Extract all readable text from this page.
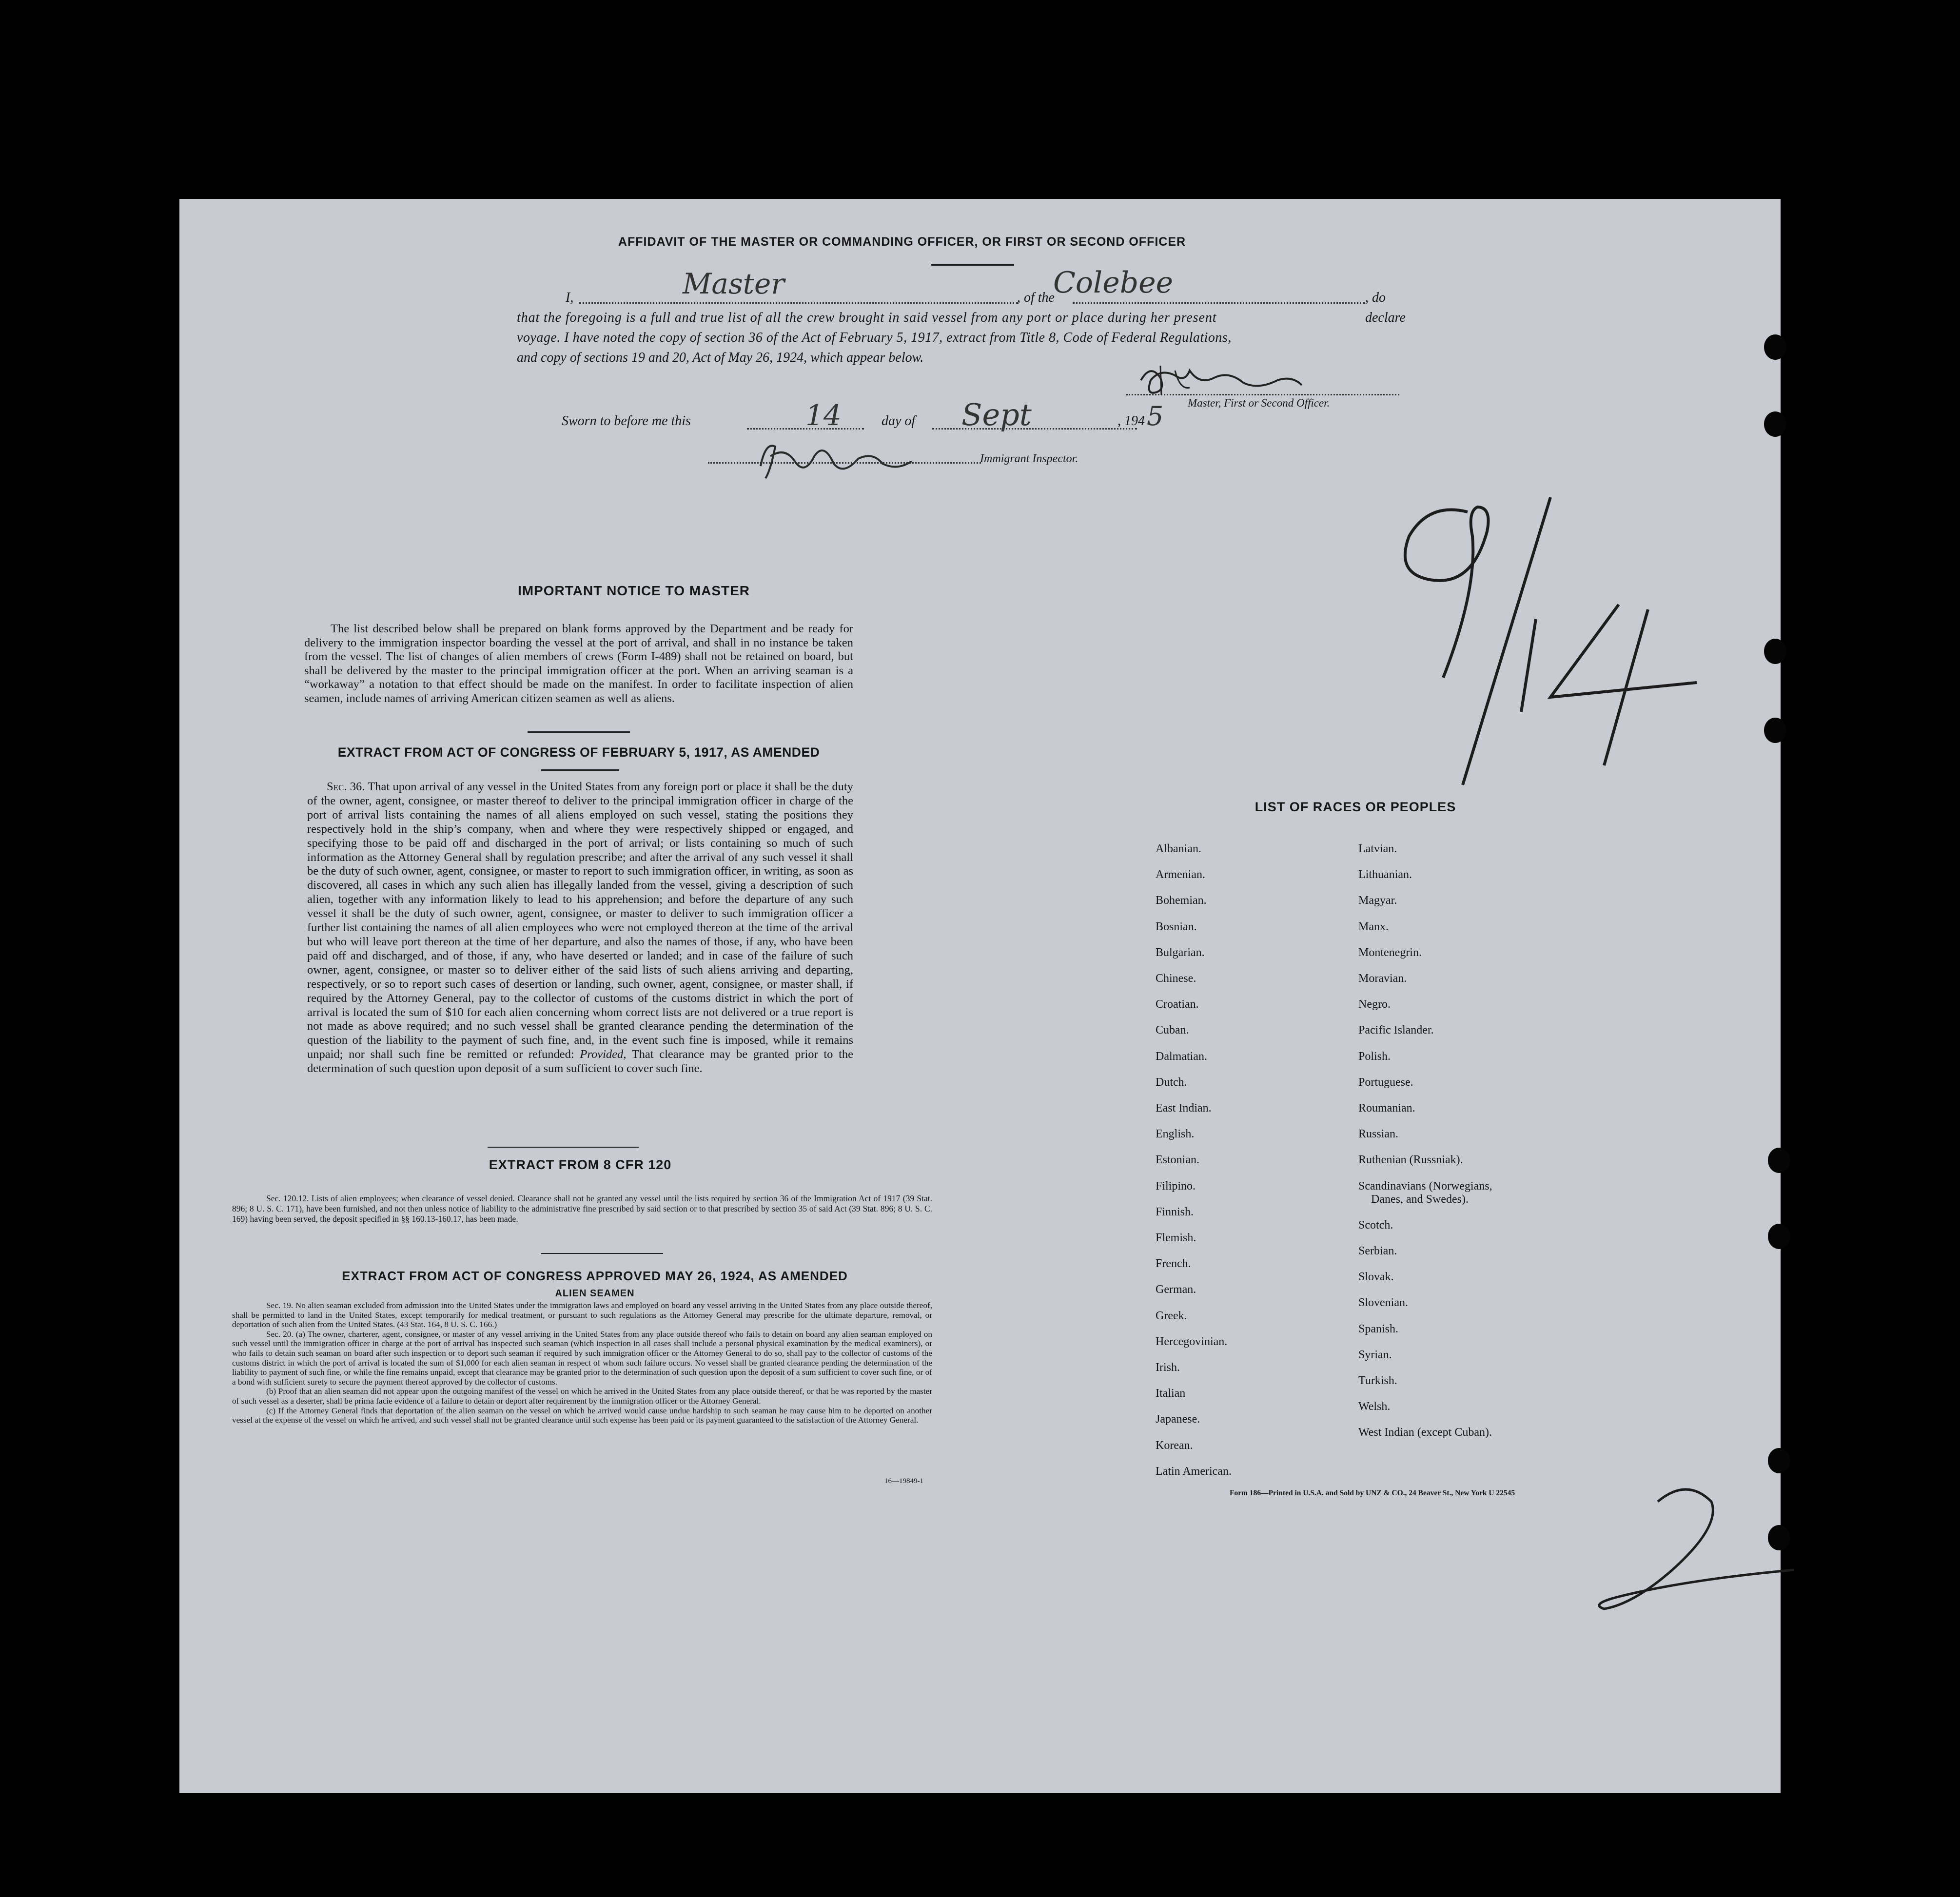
AFFIDAVIT OF THE MASTER OR COMMANDING OFFICER, OR FIRST OR SECOND OFFICER
I,	Master	, of the
Colebee	, do declare
that the foregoing is a full and true list of all the crew brought in said vessel from any port or place during her present
voyage. I have noted the copy of section 36 of the Act of February 5, 1917, extract from Title 8, Code of Federal Regulations,
and copy of sections 19 and 20, Act of May 26, 1924, which appear below.
Master, First or Second Officer.
Sworn to before me this	14	day of Sept	, 194 5
Immigrant Inspector.
IMPORTANT NOTICE TO MASTER
The list described below shall be prepared on blank forms approved by the Department and be ready for delivery to the immigration inspector boarding the vessel at the port of arrival, and shall in no instance be taken from the vessel. The list of changes of alien members of crews (Form I-489) shall not be retained on board, but shall be delivered by the master to the principal immigration officer at the port. When an arriving seaman is a “workaway” a notation to that effect should be made on the manifest. In order to facilitate inspection of alien seamen, include names of arriving American citizen seamen as well as aliens.
EXTRACT FROM ACT OF CONGRESS OF FEBRUARY 5, 1917, AS AMENDED
Sec. 36. That upon arrival of any vessel in the United States from any foreign port or place it shall be the duty of the owner, agent, consignee, or master thereof to deliver to the principal immigration officer in charge of the port of arrival lists containing the names of all aliens employed on such vessel, stating the positions they respectively hold in the ship’s company, when and where they were respectively shipped or engaged, and specifying those to be paid off and discharged in the port of arrival; or lists containing so much of such information as the Attorney General shall by regulation prescribe; and after the arrival of any such vessel it shall be the duty of such owner, agent, consignee, or master to report to such immigration officer, in writing, as soon as discovered, all cases in which any such alien has illegally landed from the vessel, giving a description of such alien, together with any information likely to lead to his apprehension; and before the departure of any such vessel it shall be the duty of such owner, agent, consignee, or master to deliver to such immigration officer a further list containing the names of all alien employees who were not employed thereon at the time of the arrival but who will leave port thereon at the time of her departure, and also the names of those, if any, who have been paid off and discharged, and of those, if any, who have deserted or landed; and in case of the failure of such owner, agent, consignee, or master so to deliver either of the said lists of such aliens arriving and departing, respectively, or so to report such cases of desertion or landing, such owner, agent, consignee, or master shall, if required by the Attorney General, pay to the collector of customs of the customs district in which the port of arrival is located the sum of $10 for each alien concerning whom correct lists are not delivered or a true report is not made as above required; and no such vessel shall be granted clearance pending the determination of the question of the liability to the payment of such fine, and, in the event such fine is imposed, while it remains unpaid; nor shall such fine be remitted or refunded: Provided, That clearance may be granted prior to the determination of such question upon deposit of a sum sufficient to cover such fine.
EXTRACT FROM 8 CFR 120
Sec. 120.12. Lists of alien employees; when clearance of vessel denied. Clearance shall not be granted any vessel until the lists required by section 36 of the Immigration Act of 1917 (39 Stat. 896; 8 U. S. C. 171), have been furnished, and not then unless notice of liability to the administrative fine prescribed by said section or to that prescribed by section 35 of said Act (39 Stat. 896; 8 U. S. C. 169) having been served, the deposit specified in §§ 160.13-160.17, has been made.
EXTRACT FROM ACT OF CONGRESS APPROVED MAY 26, 1924, AS AMENDED
ALIEN SEAMEN
Sec. 19. No alien seaman excluded from admission into the United States under the immigration laws and employed on board any vessel arriving in the United States from any place outside thereof, shall be permitted to land in the United States, except temporarily for medical treatment, or pursuant to such regulations as the Attorney General may prescribe for the ultimate departure, removal, or deportation of such alien from the United States. (43 Stat. 164, 8 U. S. C. 166.)
Sec. 20. (a) The owner, charterer, agent, consignee, or master of any vessel arriving in the United States from any place outside thereof who fails to detain on board any alien seaman employed on such vessel until the immigration officer in charge at the port of arrival has inspected such seaman (which inspection in all cases shall include a personal physical examination by the medical examiners), or who fails to detain such seaman on board after such inspection or to deport such seaman if required by such immigration officer or the Attorney General to do so, shall pay to the collector of customs of the customs district in which the port of arrival is located the sum of $1,000 for each alien seaman in respect of whom such failure occurs. No vessel shall be granted clearance pending the determination of the liability to payment of such fine, or while the fine remains unpaid, except that clearance may be granted prior to the determination of such question upon the deposit of a sum sufficient to cover such fine, or of a bond with sufficient surety to secure the payment thereof approved by the collector of customs.
(b) Proof that an alien seaman did not appear upon the outgoing manifest of the vessel on which he arrived in the United States from any place outside thereof, or that he was reported by the master of such vessel as a deserter, shall be prima facie evidence of a failure to detain or deport after requirement by the immigration officer or the Attorney General.
(c) If the Attorney General finds that deportation of the alien seaman on the vessel on which he arrived would cause undue hardship to such seaman he may cause him to be deported on another vessel at the expense of the vessel on which he arrived, and such vessel shall not be granted clearance until such expense has been paid or its payment guaranteed to the satisfaction of the Attorney General.
16—19849-1
LIST OF RACES OR PEOPLES
Albanian.
Armenian.
Bohemian.
Bosnian.
Bulgarian.
Chinese.
Croatian.
Cuban.
Dalmatian.
Dutch.
East Indian.
English.
Estonian.
Filipino.
Finnish.
Flemish.
French.
German.
Greek.
Hercegovinian.
Irish.
Italian
Japanese.
Korean.
Latin American.
Latvian.
Lithuanian.
Magyar.
Manx.
Montenegrin.
Moravian.
Negro.
Pacific Islander.
Polish.
Portuguese.
Roumanian.
Russian.
Ruthenian (Russniak).
Scandinavians (Norwegians,
Danes, and Swedes).
Scotch.
Serbian.
Slovak.
Slovenian.
Spanish.
Syrian.
Turkish.
Welsh.
West Indian (except Cuban).
Form 186—Printed in U.S.A. and Sold by UNZ & CO., 24 Beaver St., New York U 22545
